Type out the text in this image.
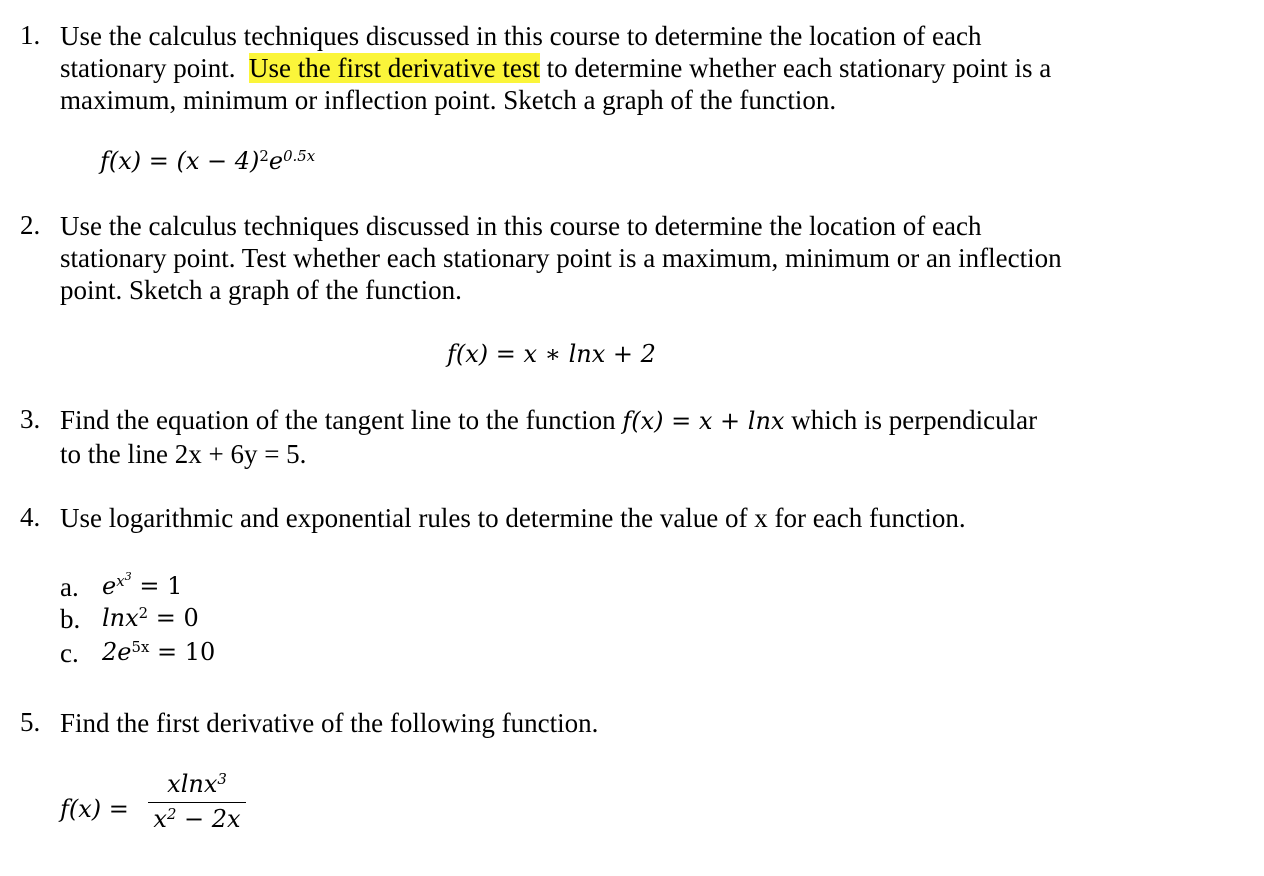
1. Use the calculus techniques discussed in this course to determine the location of each
stationary point.  Use the first derivative test to determine whether each stationary point is a
maximum, minimum or inflection point. Sketch a graph of the function.
$f(x) = (x - 4)^2e^{0.5x}$
2. Use the calculus techniques discussed in this course to determine the location of each
stationary point. Test whether each stationary point is a maximum, minimum or an inflection
point. Sketch a graph of the function.
f(x) = x ∗ lnx + 2
3. Find the equation of the tangent line to the function f(x) = x + lnx which is perpendicular
to the line 2x + 6y = 5.
4. Use logarithmic and exponential rules to determine the value of x for each function.
a. $e^{x^3} = 1$
b. lnx$^2$ = 0
c. $2e^{5x} = 10$
5. Find the first derivative of the following function.
f(x) =
xlnx$^3$
$x^2 - 2x$
